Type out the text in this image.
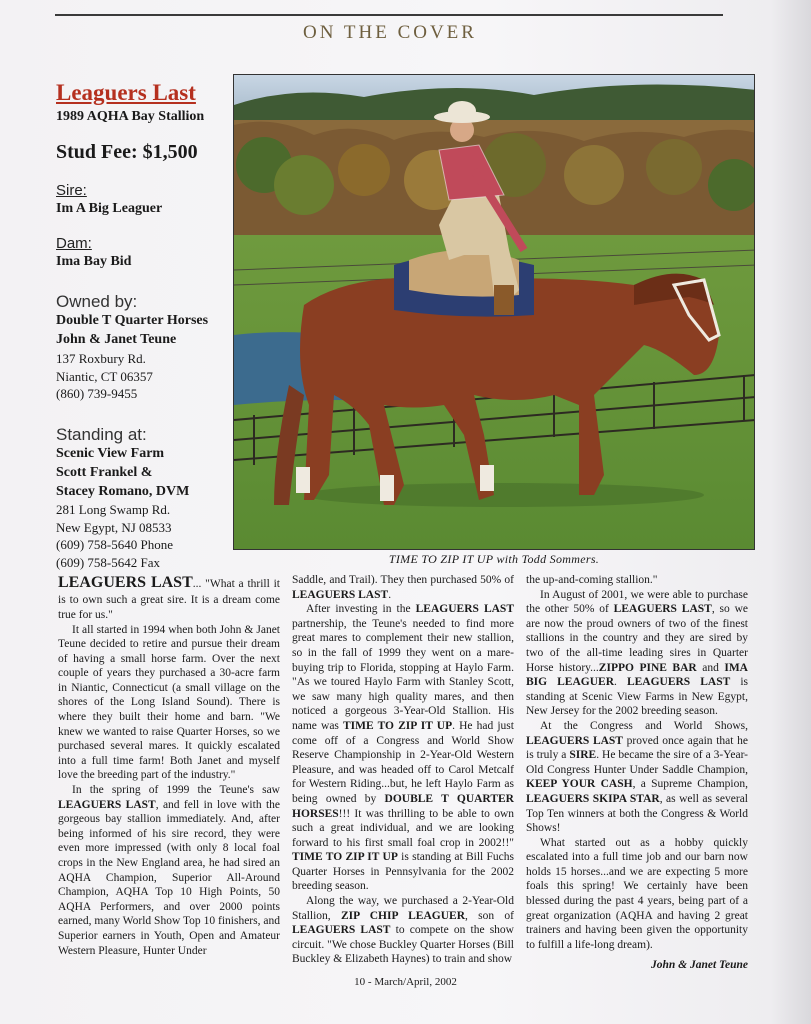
ON THE COVER
Leaguers Last
1989 AQHA Bay Stallion
Stud Fee: $1,500
Sire:
Im A Big Leaguer
Dam:
Ima Bay Bid
Owned by:
Double T Quarter Horses
John & Janet Teune
137 Roxbury Rd.
Niantic, CT 06357
(860) 739-9455
Standing at:
Scenic View Farm
Scott Frankel &
Stacey Romano, DVM
281 Long Swamp Rd.
New Egypt, NJ 08533
(609) 758-5640 Phone
(609) 758-5642 Fax	TIME TO ZIP IT UP with Todd Sommers.

LEAGUERS LAST... "What a thrill it is to own such a great sire. It is a dream come true for us."

It all started in 1994 when both John & Janet Teune decided to retire and pursue their dream of having a small horse farm. Over the next couple of years they purchased a 30-acre farm in Niantic, Connecticut (a small village on the shores of the Long Island Sound). There is where they built their home and barn. "We knew we wanted to raise Quarter Horses, so we purchased several mares. It quickly escalated into a full time farm! Both Janet and myself love the breeding part of the industry."

In the spring of 1999 the Teune's saw LEAGUERS LAST, and fell in love with the gorgeous bay stallion immediately. And, after being informed of his sire record, they were even more impressed (with only 8 local foal crops in the New England area, he had sired an AQHA Champion, Superior All-Around Champion, AQHA Top 10 High Points, 50 AQHA Performers, and over 2000 points earned, many World Show Top 10 finishers, and Superior earners in Youth, Open and Amateur Western Pleasure, Hunter Under

Saddle, and Trail). They then purchased 50% of LEAGUERS LAST.

After investing in the LEAGUERS LAST partnership, the Teune's needed to find more great mares to complement their new stallion, so in the fall of 1999 they went on a mare-buying trip to Florida, stopping at Haylo Farm. "As we toured Haylo Farm with Stanley Scott, we saw many high quality mares, and then noticed a gorgeous 3-Year-Old Stallion. His name was TIME TO ZIP IT UP. He had just come off of a Congress and World Show Reserve Championship in 2-Year-Old Western Pleasure, and was headed off to Carol Metcalf for Western Riding...but, he left Haylo Farm as being owned by DOUBLE T QUARTER HORSES!!! It was thrilling to be able to own such a great individual, and we are looking forward to his first small foal crop in 2002!!" TIME TO ZIP IT UP is standing at Bill Fuchs Quarter Horses in Pennsylvania for the 2002 breeding season.

Along the way, we purchased a 2-Year-Old Stallion, ZIP CHIP LEAGUER, son of LEAGUERS LAST to compete on the show circuit. "We chose Buckley Quarter Horses (Bill Buckley & Elizabeth Haynes) to train and show

the up-and-coming stallion."

In August of 2001, we were able to purchase the other 50% of LEAGUERS LAST, so we are now the proud owners of two of the finest stallions in the country and they are sired by two of the all-time leading sires in Quarter Horse history...ZIPPO PINE BAR and IMA BIG LEAGUER. LEAGUERS LAST is standing at Scenic View Farms in New Egypt, New Jersey for the 2002 breeding season.

At the Congress and World Shows, LEAGUERS LAST proved once again that he is truly a SIRE. He became the sire of a 3-Year-Old Congress Hunter Under Saddle Champion, KEEP YOUR CASH, a Supreme Champion, LEAGUERS SKIPA STAR, as well as several Top Ten winners at both the Congress & World Shows!

What started out as a hobby quickly escalated into a full time job and our barn now holds 15 horses...and we are expecting 5 more foals this spring! We certainly have been blessed during the past 4 years, being part of a great organization (AQHA and having 2 great trainers and having been given the opportunity to fulfill a life-long dream).

John & Janet Teune
10 - March/April, 2002
